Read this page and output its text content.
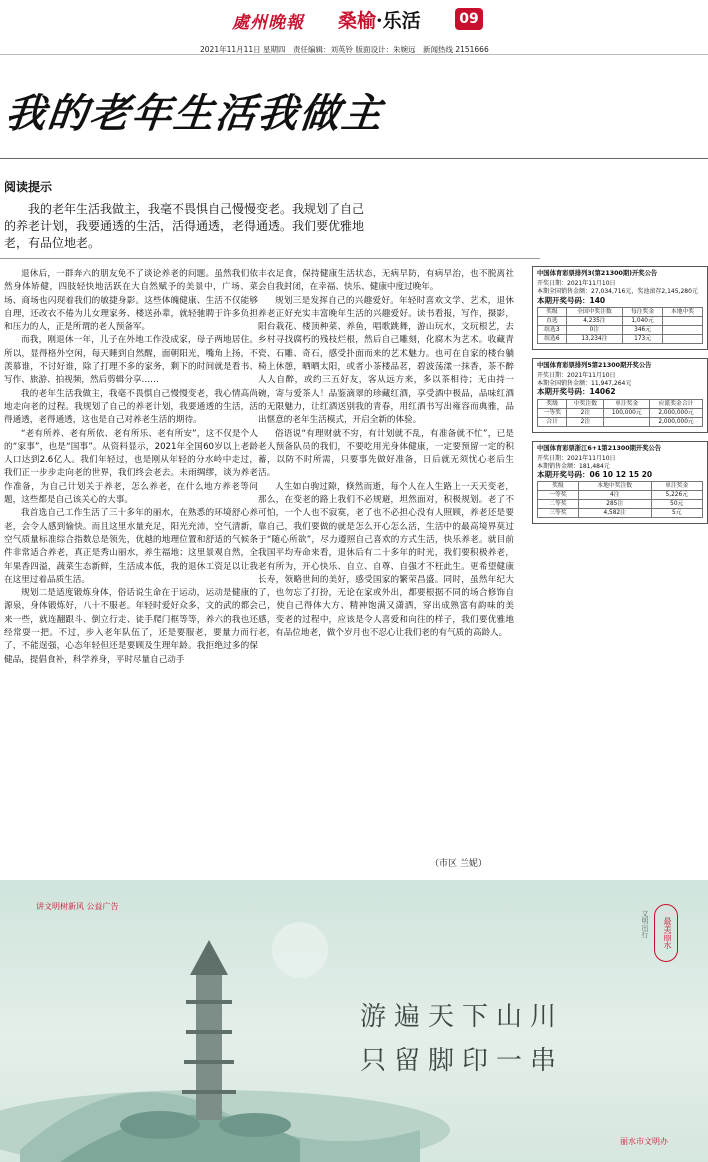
處州晚報 桑榆·乐活	09
2021年11月11日 星期四　责任编辑：刘英铃 版面设计：朱婉远　新闻热线 2151666
我的老年生活我做主
阅读提示
我的老年生活我做主，我毫不畏惧自己慢慢变老。我规划了自己的养老计划，我要通透的生活，活得通透，老得通透。我们要优雅地老，有品位地老。

退休后，一群奔六的朋友免不了谈论养老的问题。虽然我们依然身体矫健，四肢轻快地活跃在大自然赋予的美景中，广场、菜场、商场也闪现着我们的敏捷身影。这些体魄健康、生活不仅能够自理，还改衣不倦为儿女理家务、楼送孙辈，就轻驰聘于许多负担和压力的人，正是所谓的老人预备军。

而我，刚退休一年，儿子在外地工作没成家，母子两地居住。所以，显得格外空闲，每天睡到自然醒，面朝阳光，嘴角上扬，不羡慕谁，不讨好谁，除了打理不多的家务，剩下的时间就是看书、写作、旅游、拍视频，然后剪辑分享……

我的老年生活我做主，我毫不畏惧自己慢慢变老，我心情高尚地走向老的过程。我规划了自己的养老计划，我要通透的生活，活得通透，老得通透，这也是自己对养老生活的期待。

“老有所养、老有所依、老有所乐、老有所安”，这不仅是个人的“家事”，也是“国事”。从资料显示，2021年全国60岁以上老龄人口达到2.6亿人。我们年轻过，也是刚从年轻的分水岭中走过，我们正一步步走向老的世界，我们终会老去。未雨绸缪，谈为养老作准备，为自己计划关于养老，怎么养老，在什么地方养老等问题，这些都是自己该关心的大事。

我首选自己工作生活了三十多年的丽水，在熟悉的环境舒心养老，会令人感到愉快。而且这里水量充足，阳光充沛，空气清新，空气质量标准综合指数总是领先，优越的地理位置和舒适的气候条件非常适合养老，真正是秀山丽水，养生福地；这里景观自然，全年果香四溢，蔬菜生态新鲜，生活成本低，我的退休工资足以让我在这里过着品质生活。

规划二是适度锻炼身体，俗话说生命在于运动，运动是健康的源泉，身体锻炼好，八十不服老。年轻时爱好众多，文的武的都会来一些，就连翻跟斗、倒立行走、徒手爬门框等等，养六的我也还经常耍一把。不过，步入老年队伍了，还是要服老，要量力而行了，不能逞强，心态年轻但还是要顾及生理年龄。我拒绝过多的保健品，提倡食补，科学养身，平时尽量自己动手

丰衣足食，保持健康生活状态，无病早防，有病早治，也不脱离社会自我封闭，在幸福、快乐、健康中度过晚年。

规划三是发挥自己的兴趣爱好。年轻时喜欢文学、艺术，退休养老正好充实丰富晚年生活的兴趣爱好。读书看报，写作，摄影，阳台栽花、楼顶种菜、养鱼，唱歌跳舞，游山玩水，文玩根艺，去乡村寻找腐朽的残枝烂根，然后自己雕刻，化腐木为艺术。收藏青瓷、石雕、奇石，感受扑面而来的艺术魅力。也可在自家的楼台躺椅上休憩，晒晒太阳，或者小茶楼品茗，碧波荡漾一抹香，茶不醉人人自醉，或约三五好友，客从远方来，多以茶相待；无由持一碗，寄与爱茶人！品鉴滴翠的珍藏红酒，享受酒中极品，品味红酒的无限魅力，让红酒送别我的青春，用红酒书写出雍容而典雅，品出惬意的老年生活模式，开启全新的体验。

俗语说“有理财就不穷，有计划就不乱，有准备就不忙”，已是老人预备队员的我们，不要吃用光身体健康，一定要预留一定的积蓄，以防不时所需，只要事先做好准备，日后就无须忧心老后生活。

人生如白驹过隙，倏然而逝，每个人在人生路上一天天变老，那么，在变老的路上我们不必规避，坦然面对，积极规划。老了不可怕，一个人也不寂寞，老了也不必担心没有人照顾，养老还是要靠自己，我们要做的就是怎么开心怎么活，生活中的最高境界莫过于“随心所欲”，尽力遵照自己喜欢的方式生活，快乐养老。就目前我国平均寿命来看，退休后有二十多年的时光，我们要积极养老，老有所为，开心快乐、自立、自尊、自强才不枉此生。更希望健康长寿，领略世间的美好，感受国家的繁荣昌盛。同时，虽然年纪大了，也勿忘了打扮，无论在家或外出，都要根据不同的场合修饰自己，使自己得体大方、精神饱满又潇洒，穿出成熟富有韵味的美感，变老的过程中，应该是令人喜爱和向往的样子，我们要优雅地老，有品位地老，做个岁月也不忍心让我们老的有气质的高龄人。

（市区 兰妮）
中国体育彩票排列3(第21300期)开奖公告
开奖日期：2021年11月10日
本期全国销售金额：27,034,716元，奖池滚存2,145,280元
本期开奖号码：140
奖级	全国中奖注数	每注奖金	本地中奖
直选	4,235注	1,040元	
组选3	0注	346元	
组选6	13,234注	173元	
中国体育彩票排列5第21300期开奖公告
开奖日期：2021年11月10日
本期全国销售金额：11,947,264元
本期开奖号码：14062
奖级	中奖注数	单注奖金	应派奖金合计
一等奖	2注	100,000元	2,000,000元
合计	2注		2,000,000元
中国体育彩票浙江6+1第21300期开奖公告
开奖日期：2021年11月10日
本期销售金额：181,484元
本期开奖号码：06 10 12 15 20
奖级	本地中奖注数	单注奖金
一等奖	4注	5,226元
二等奖	285注	50元
三等奖	4,582注	5元
讲文明树新风 公益广告
游遍天下山川
只留脚印一串
文明出行	最美丽水
丽水市文明办
